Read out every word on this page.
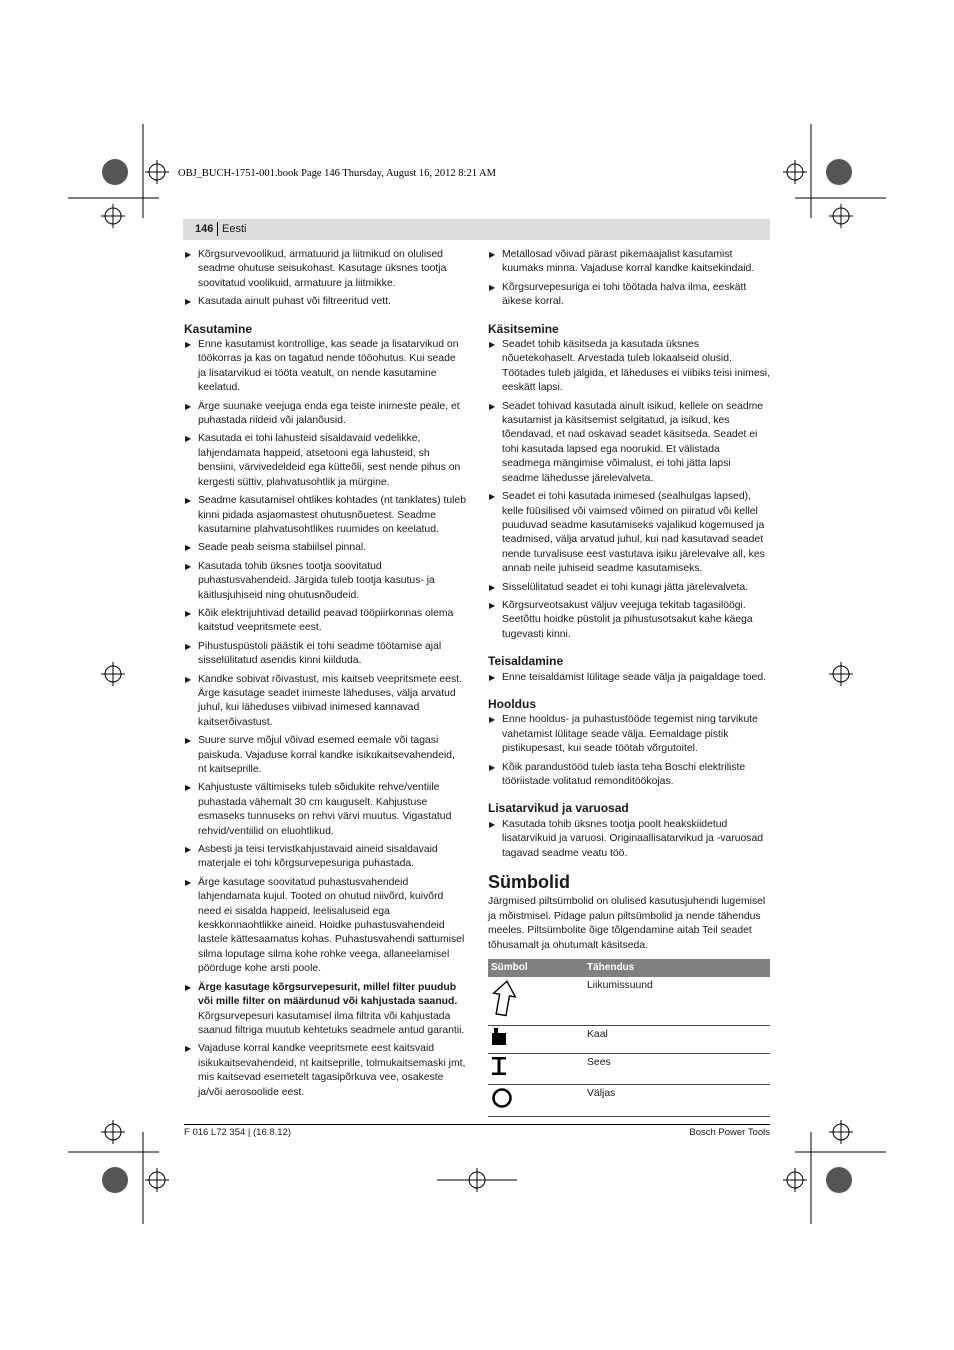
OBJ_BUCH-1751-001.book Page 146 Thursday, August 16, 2012 8:21 AM
146 Eesti
▶ Kõrgsurvevoolikud, armatuurid ja liitmikud on olulised seadme ohutuse seisukohast. Kasutage üksnes tootja soovitatud voolikuid, armatuure ja liitmikke.
▶ Kasutada ainult puhast või filtreeritud vett.
Kasutamine
▶ Enne kasutamist kontrollige, kas seade ja lisatarvikud on töökorras ja kas on tagatud nende tööohutus. Kui seade ja lisatarvikud ei tööta veatult, on nende kasutamine keelatud.
▶ Ärge suunake veejuga enda ega teiste inimeste peale, et puhastada riideid või jalanõusid.
▶ Kasutada ei tohi lahusteid sisaldavaid vedelikke, lahjendamata happeid, atsetooni ega lahusteid, sh bensiini, värvivedeldeid ega kütteõli, sest nende pihus on kergesti süttiv, plahvatusohtlik ja mürgine.
▶ Seadme kasutamisel ohtlikes kohtades (nt tanklates) tuleb kinni pidada asjaomastest ohutusnõuetest. Seadme kasutamine plahvatusohtlikes ruumides on keelatud.
▶ Seade peab seisma stabiilsel pinnal.
▶ Kasutada tohib üksnes tootja soovitatud puhastusvahendeid. Järgida tuleb tootja kasutus- ja käitlusjuhiseid ning ohutusnõudeid.
▶ Kõik elektrijuhtivad detailid peavad tööpiirkonnas olema kaitstud veepritsmete eest.
▶ Pihustuspüstoli päästik ei tohi seadme töötamise ajal sisselülitatud asendis kinni kiilduda.
▶ Kandke sobivat rõivastust, mis kaitseb veepritsmete eest. Ärge kasutage seadet inimeste läheduses, välja arvatud juhul, kui läheduses viibivad inimesed kannavad kaitserõivastust.
▶ Suure surve mõjul võivad esemed eemale või tagasi paiskuda. Vajaduse korral kandke isikukaitsevahendeid, nt kaitseprille.
▶ Kahjustuste vältimiseks tuleb sõidukite rehve/ventiile puhastada vähemalt 30 cm kauguselt. Kahjustuse esmaseks tunnuseks on rehvi värvi muutus. Vigastatud rehvid/ventiilid on eluohtlikud.
▶ Asbesti ja teisi tervistkahjustavaid aineid sisaldavaid materjale ei tohi kõrgsurvepesuriga puhastada.
▶ Ärge kasutage soovitatud puhastusvahendeid lahjendamata kujul. Tooted on ohutud niivõrd, kuivõrd need ei sisalda happeid, leelisaluseid ega keskkonnaohtlikke aineid. Hoidke puhastusvahendeid lastele kättesaamatus kohas. Puhastusvahendi sattumisel silma loputage silma kohe rohke veega, allaneelamisel pöörduge kohe arsti poole.
▶ Ärge kasutage kõrgsurvepesurit, millel filter puudub või mille filter on määrdunud või kahjustada saanud.
Kõrgsurvepesuri kasutamisel ilma filtrita või kahjustada saanud filtriga muutub kehtetuks seadmele antud garantii.
▶ Vajaduse korral kandke veepritsmete eest kaitsvaid isikukaitsevahendeid, nt kaitseprille, tolmukaitsemaski jmt, mis kaitsevad esemetelt tagasipõrkuva vee, osakeste ja/või aerosoolide eest.
▶ Metallosad võivad pärast pikemaajalist kasutamist kuumaks minna. Vajaduse korral kandke kaitsekindaid.
▶ Kõrgsurvepesuriga ei tohi töötada halva ilma, eeskätt äikese korral.
Käsitsemine
▶ Seadet tohib käsitseda ja kasutada üksnes nõuetekohaselt. Arvestada tuleb lokaalseid olusid. Töötades tuleb jälgida, et läheduses ei viibiks teisi inimesi, eeskätt lapsi.
▶ Seadet tohivad kasutada ainult isikud, kellele on seadme kasutamist ja käsitsemist selgitatud, ja isikud, kes tõendavad, et nad oskavad seadet käsitseda. Seadet ei tohi kasutada lapsed ega noorukid. Et välistada seadmega mängimise võimalust, ei tohi jätta lapsi seadme lähedusse järelevalveta.
▶ Seadet ei tohi kasutada inimesed (sealhulgas lapsed), kelle füüsilised või vaimsed võimed on piiratud või kellel puuduvad seadme kasutamiseks vajalikud kogemused ja teadmised, välja arvatud juhul, kui nad kasutavad seadet nende turvalisuse eest vastutava isiku järelevalve all, kes annab neile juhiseid seadme kasutamiseks.
▶ Sisselülitatud seadet ei tohi kunagi jätta järelevalveta.
▶ Kõrgsurveotsakust väljuv veejuga tekitab tagasilöögi. Seetõttu hoidke püstolit ja pihustusotsakut kahe käega tugevasti kinni.
Teisaldamine
▶ Enne teisaldamist lülitage seade välja ja paigaldage toed.
Hooldus
▶ Enne hooldus- ja puhastustööde tegemist ning tarvikute vahetamist lülitage seade välja. Eemaldage pistik pistikupesast, kui seade töötab võrgutoitel.
▶ Kõik parandustööd tuleb lasta teha Boschi elektriliste tööriistade volitatud remonditöökojas.
Lisatarvikud ja varuosad
▶ Kasutada tohib üksnes tootja poolt heakskiidetud lisatarvikuid ja varuosi. Originaallisatarvikud ja -varuosad tagavad seadme veatu töö.
Sümbolid

Järgmised piltsümbolid on olulised kasutusjuhendi lugemisel ja mõistmisel. Pidage palun piltsümbolid ja nende tähendus meeles. Piltsümbolite õige tõlgendamine aitab Teil seadet tõhusamalt ja ohutumalt käsitseda.

Sümbol	Tähendus
	Liikumissuund
	Kaal
	Sees
	Väljas
F 016 L72 354 | (16.8.12)	Bosch Power Tools
